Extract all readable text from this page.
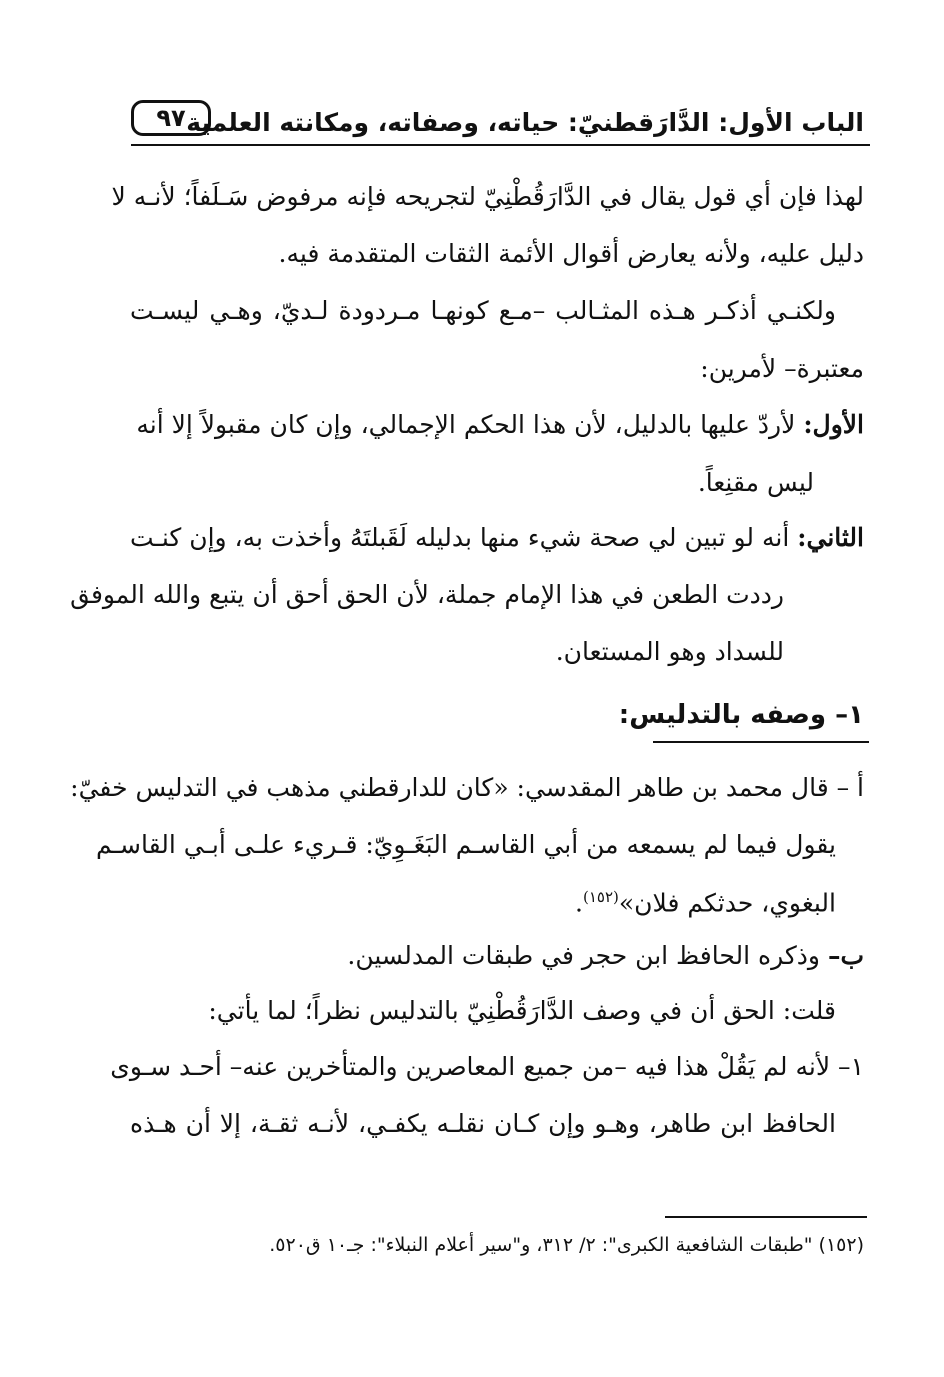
الباب الأول: الدَّارَقطنيّ: حياته، وصفاته، ومكانته العلمية
٩٧
لهذا فإن أي قول يقال في الدَّارَقُطْنِيّ لتجريحه فإنه مرفوض سَـلَفاً؛ لأنـه لا
دليل عليه، ولأنه يعارض أقوال الأئمة الثقات المتقدمة فيه.
ولكنـي أذكـر هـذه المثـالب –مـع كونهـا مـردودة لـديّ، وهـي ليسـت
معتبرة– لأمرين:
الأول: لأردّ عليها بالدليل، لأن هذا الحكم الإجمالي، وإن كان مقبولاً إلا أنه
ليس مقنِعاً.
الثاني: أنه لو تبين لي صحة شيء منها بدليله لَقَبلتَهُ وأخذت به، وإن كنـت
رددت الطعن في هذا الإمام جملة، لأن الحق أحق أن يتبع والله الموفق
للسداد وهو المستعان.
١– وصفه بالتدليس:
أ – قال محمد بن طاهر المقدسي: «كان للدارقطني مذهب في التدليس خفيّ:
يقول فيما لم يسمعه من أبي القاسـم البَغَـوِيّ: قـريء علـى أبـي القاسـم
البغوي، حدثكم فلان»$^{(١٥٢)}$.
ب– وذكره الحافظ ابن حجر في طبقات المدلسين.
قلت: الحق أن في وصف الدَّارَقُطْنِيّ بالتدليس نظراً؛ لما يأتي:
١– لأنه لم يَقُلْ هذا فيه –من جميع المعاصرين والمتأخرين عنه– أحـد سـوى
الحافظ ابن طاهر، وهـو وإن كـان نقلـه يكفـي، لأنـه ثقـة، إلا أن هـذه
(١٥٢) "طبقات الشافعية الكبرى": ٢/ ٣١٢، و"سير أعلام النبلاء": جـ١٠ ق٥٢٠.
